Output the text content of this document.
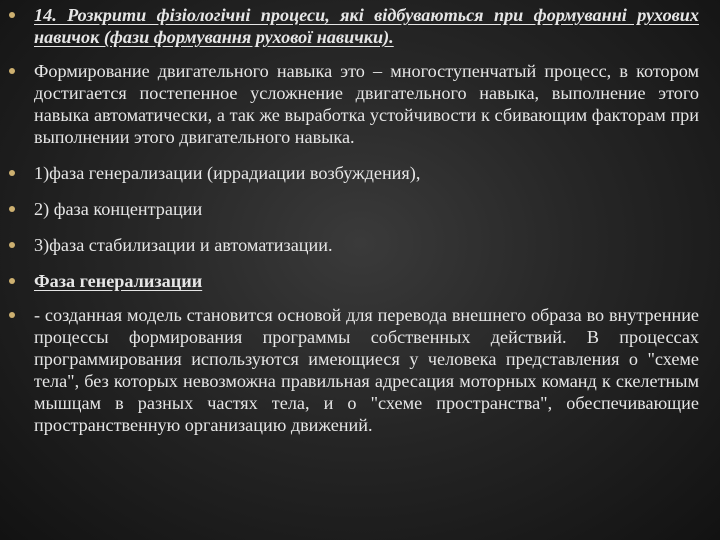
14. Розкрити фізіологічні процеси, які відбуваються при формуванні рухових навичок (фази формування рухової навички).
Формирование двигательного навыка это – многоступенчатый процесс, в котором достигается постепенное усложнение двигательного навыка, выполнение этого навыка автоматически, а так же выработка устойчивости к сбивающим факторам при выполнении этого двигательного навыка.
1)фаза генерализации (иррадиации возбуждения),
2) фаза концентрации
3)фаза стабилизации и автоматизации.
Фаза генерализации
- созданная модель становится основой для перевода внешнего образа во внутренние процессы формирования программы собственных действий. В процессах программирования используются имеющиеся у человека представления о "схеме тела", без которых невозможна правильная адресация моторных команд к скелетным мышцам в разных частях тела, и о "схеме пространства", обеспечивающие пространственную организацию движений.
